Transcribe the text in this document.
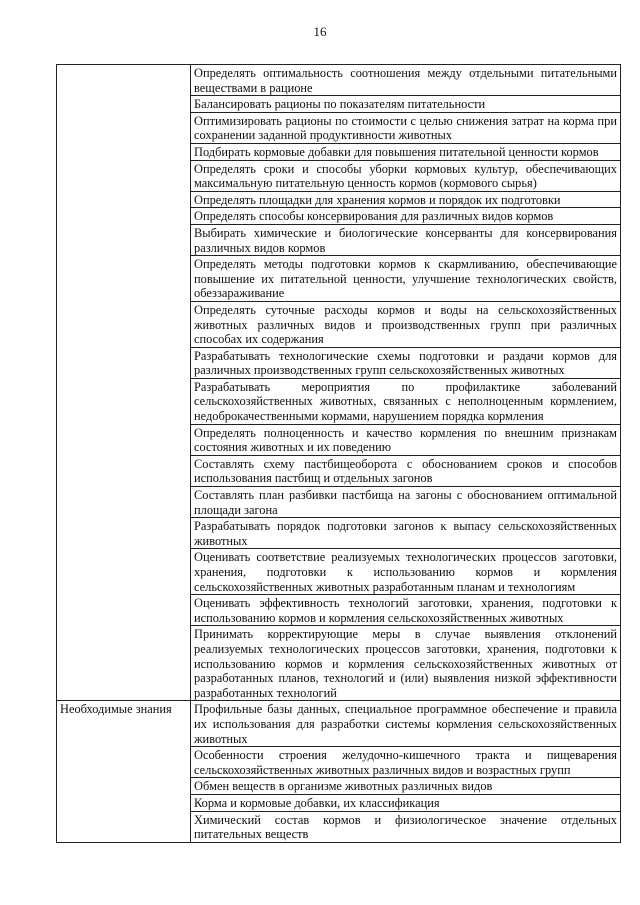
16
	Определять оптимальность соотношения между отдельными питательными веществами в рационе
	Балансировать рационы по показателям питательности
	Оптимизировать рационы по стоимости с целью снижения затрат на корма при сохранении заданной продуктивности животных
	Подбирать кормовые добавки для повышения питательной ценности кормов
	Определять сроки и способы уборки кормовых культур, обеспечивающих максимальную питательную ценность кормов (кормового сырья)
	Определять площадки для хранения кормов и порядок их подготовки
	Определять способы консервирования для различных видов кормов
	Выбирать химические и биологические консерванты для консервирования различных видов кормов
	Определять методы подготовки кормов к скармливанию, обеспечивающие повышение их питательной ценности, улучшение технологических свойств, обеззараживание
	Определять суточные расходы кормов и воды на сельскохозяйственных животных различных видов и производственных групп при различных способах их содержания
	Разрабатывать технологические схемы подготовки и раздачи кормов для различных производственных групп сельскохозяйственных животных
	Разрабатывать мероприятия по профилактике заболеваний сельскохозяйственных животных, связанных с неполноценным кормлением, недоброкачественными кормами, нарушением порядка кормления
	Определять полноценность и качество кормления по внешним признакам состояния животных и их поведению
	Составлять схему пастбищеоборота с обоснованием сроков и способов использования пастбищ и отдельных загонов
	Составлять план разбивки пастбища на загоны с обоснованием оптимальной площади загона
	Разрабатывать порядок подготовки загонов к выпасу сельскохозяйственных животных
	Оценивать соответствие реализуемых технологических процессов заготовки, хранения, подготовки к использованию кормов и кормления сельскохозяйственных животных разработанным планам и технологиям
	Оценивать эффективность технологий заготовки, хранения, подготовки к использованию кормов и кормления сельскохозяйственных животных
	Принимать корректирующие меры в случае выявления отклонений реализуемых технологических процессов заготовки, хранения, подготовки к использованию кормов и кормления сельскохозяйственных животных от разработанных планов, технологий и (или) выявления низкой эффективности разработанных технологий
Необходимые знания	Профильные базы данных, специальное программное обеспечение и правила их использования для разработки системы кормления сельскохозяйственных животных
	Особенности строения желудочно-кишечного тракта и пищеварения сельскохозяйственных животных различных видов и возрастных групп
	Обмен веществ в организме животных различных видов
	Корма и кормовые добавки, их классификация
	Химический состав кормов и физиологическое значение отдельных питательных веществ
